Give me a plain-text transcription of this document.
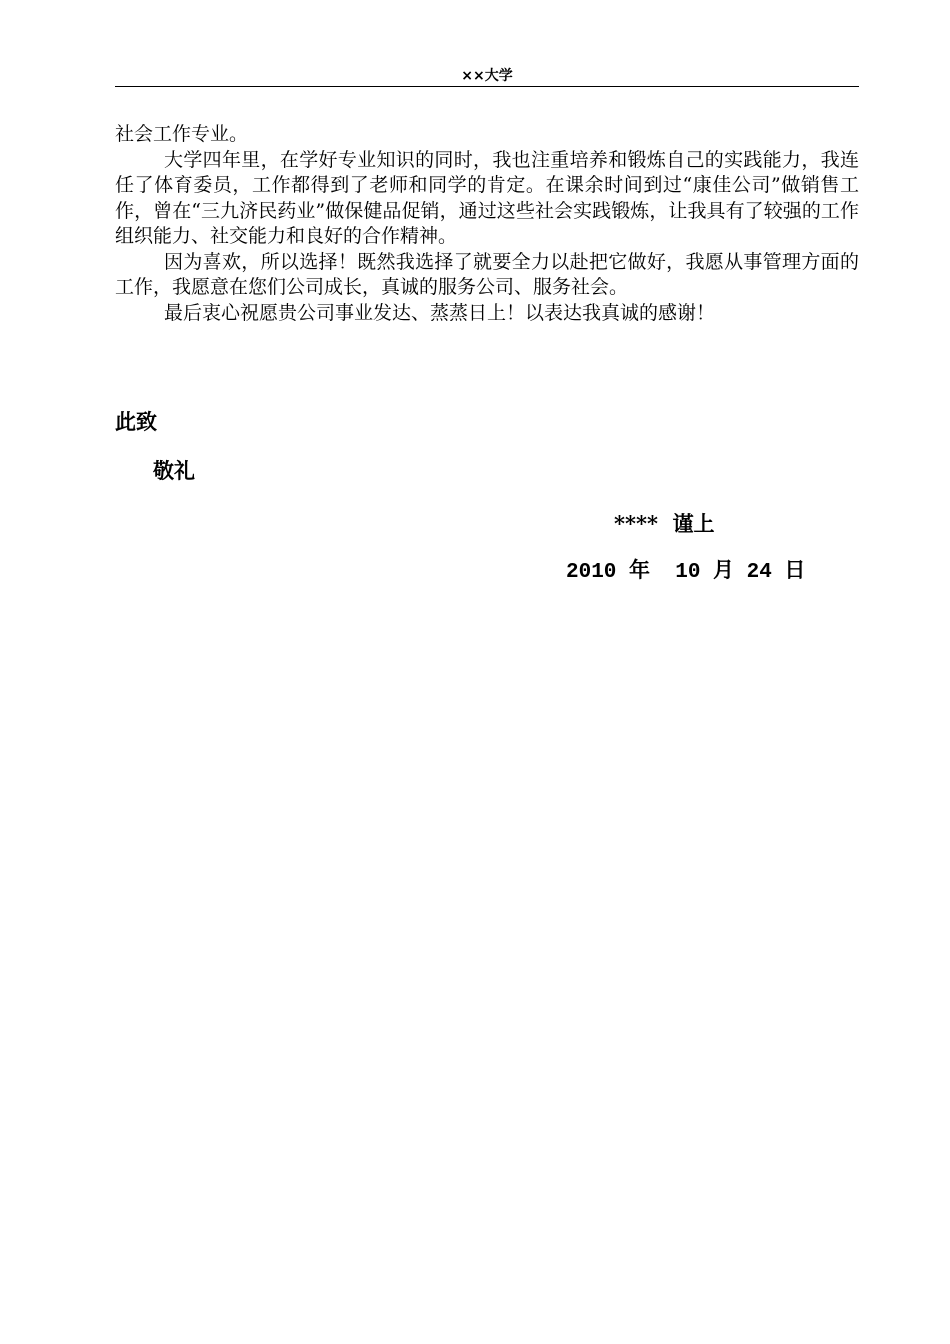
××大学

社会工作专业。

大学四年里，在学好专业知识的同时，我也注重培养和锻炼自己的实践能力，我连任了体育委员，工作都得到了老师和同学的肯定。在课余时间到过“康佳公司”做销售工作，曾在“三九济民药业”做保健品促销，通过这些社会实践锻炼，让我具有了较强的工作组织能力、社交能力和良好的合作精神。

因为喜欢，所以选择！既然我选择了就要全力以赴把它做好，我愿从事管理方面的工作，我愿意在您们公司成长，真诚的服务公司、服务社会。

最后衷心祝愿贵公司事业发达、蒸蒸日上！以表达我真诚的感谢！

此致
敬礼
****  谨上
2010 年  10 月 24 日
